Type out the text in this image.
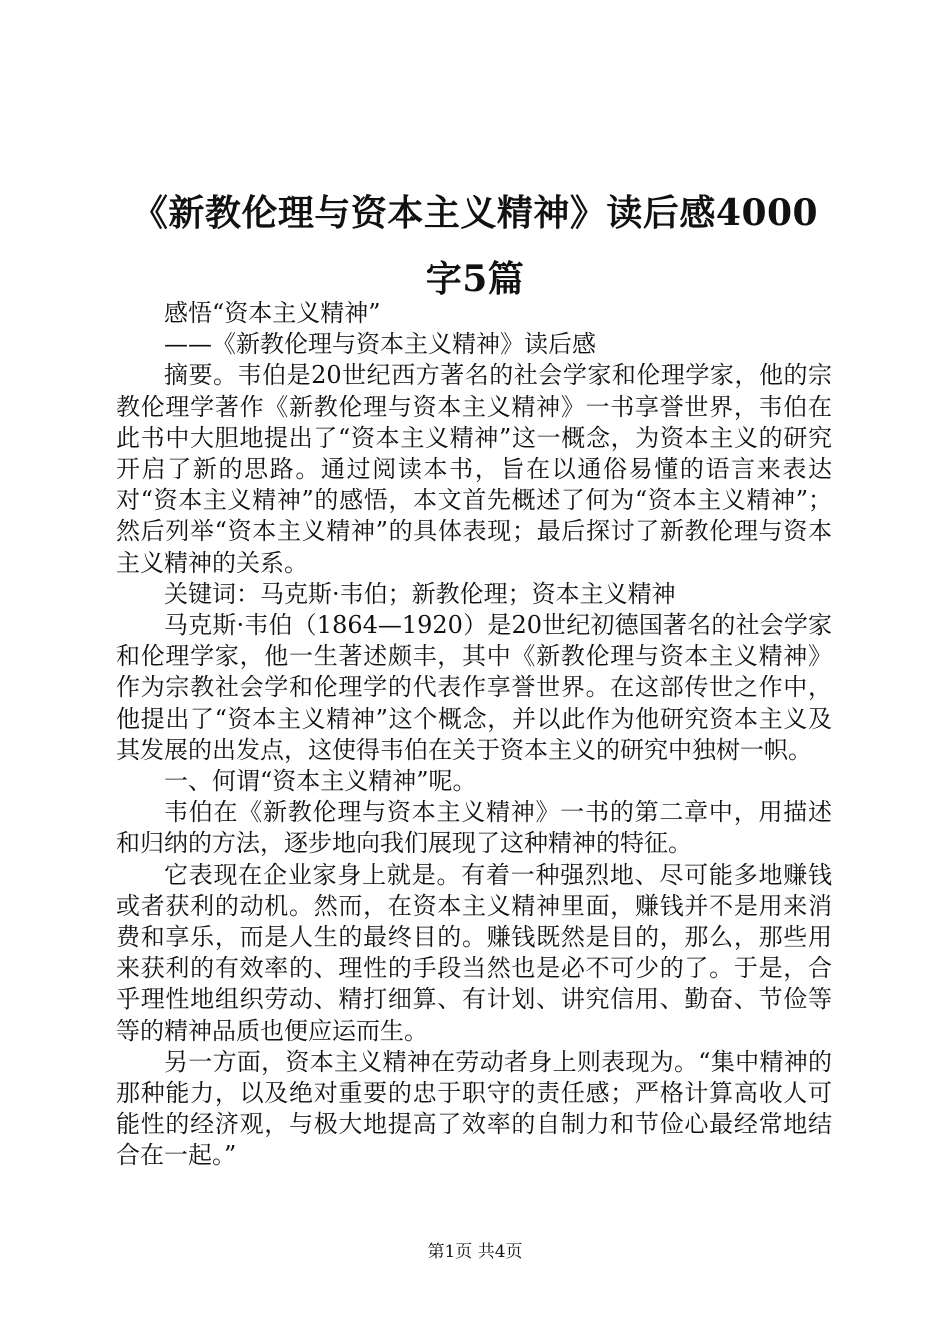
《新教伦理与资本主义精神》读后感4000字5篇

感悟“资本主义精神”

——《新教伦理与资本主义精神》读后感

摘要。韦伯是20世纪西方著名的社会学家和伦理学家，他的宗教伦理学著作《新教伦理与资本主义精神》一书享誉世界，韦伯在此书中大胆地提出了“资本主义精神”这一概念，为资本主义的研究开启了新的思路。通过阅读本书，旨在以通俗易懂的语言来表达对“资本主义精神”的感悟，本文首先概述了何为“资本主义精神”；然后列举“资本主义精神”的具体表现；最后探讨了新教伦理与资本主义精神的关系。

关键词：马克斯·韦伯；新教伦理；资本主义精神

马克斯·韦伯（1864—1920）是20世纪初德国著名的社会学家和伦理学家，他一生著述颇丰，其中《新教伦理与资本主义精神》作为宗教社会学和伦理学的代表作享誉世界。在这部传世之作中，他提出了“资本主义精神”这个概念，并以此作为他研究资本主义及其发展的出发点，这使得韦伯在关于资本主义的研究中独树一帜。

一、何谓“资本主义精神”呢。

韦伯在《新教伦理与资本主义精神》一书的第二章中，用描述和归纳的方法，逐步地向我们展现了这种精神的特征。

它表现在企业家身上就是。有着一种强烈地、尽可能多地赚钱或者获利的动机。然而，在资本主义精神里面，赚钱并不是用来消费和享乐，而是人生的最终目的。赚钱既然是目的，那么，那些用来获利的有效率的、理性的手段当然也是必不可少的了。于是，合乎理性地组织劳动、精打细算、有计划、讲究信用、勤奋、节俭等等的精神品质也便应运而生。

另一方面，资本主义精神在劳动者身上则表现为。“集中精神的那种能力，以及绝对重要的忠于职守的责任感；严格计算高收人可能性的经济观，与极大地提高了效率的自制力和节俭心最经常地结合在一起。”

第1页 共4页
